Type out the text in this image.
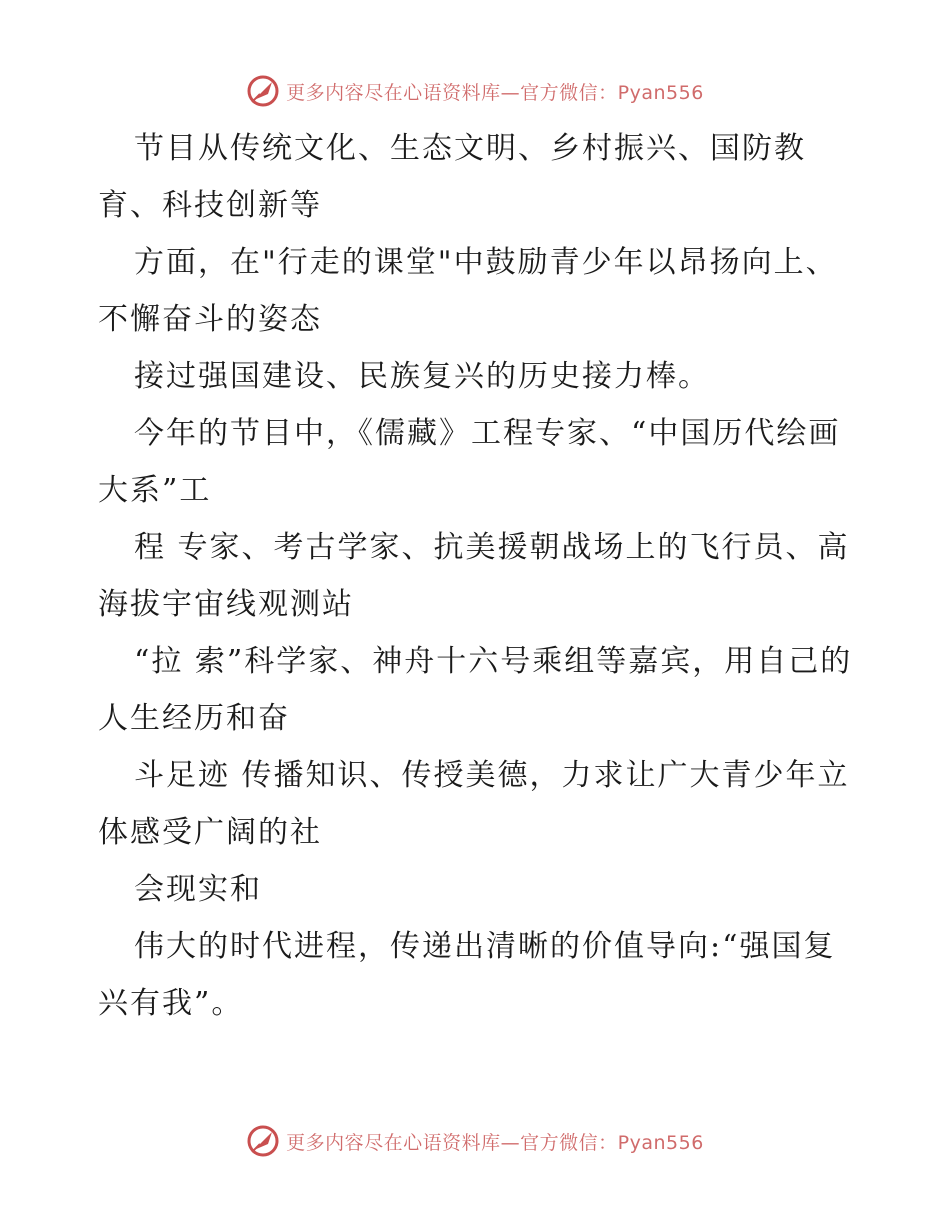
更多内容尽在心语资料库—官方微信：Pyan556

节目从传统文化、生态文明、乡村振兴、国防教育、科技创新等

方面，在"行走的课堂"中鼓励青少年以昂扬向上、不懈奋斗的姿态

接过强国建设、民族复兴的历史接力棒。

今年的节目中，《儒藏》工程专家、“中国历代绘画大系”工

程 专家、考古学家、抗美援朝战场上的飞行员、高海拔宇宙线观测站

“拉 索”科学家、神舟十六号乘组等嘉宾，用自己的人生经历和奋

斗足迹 传播知识、传授美德，力求让广大青少年立体感受广阔的社

会现实和

伟大的时代进程，传递出清晰的价值导向:“强国复兴有我”。

更多内容尽在心语资料库—官方微信：Pyan556
